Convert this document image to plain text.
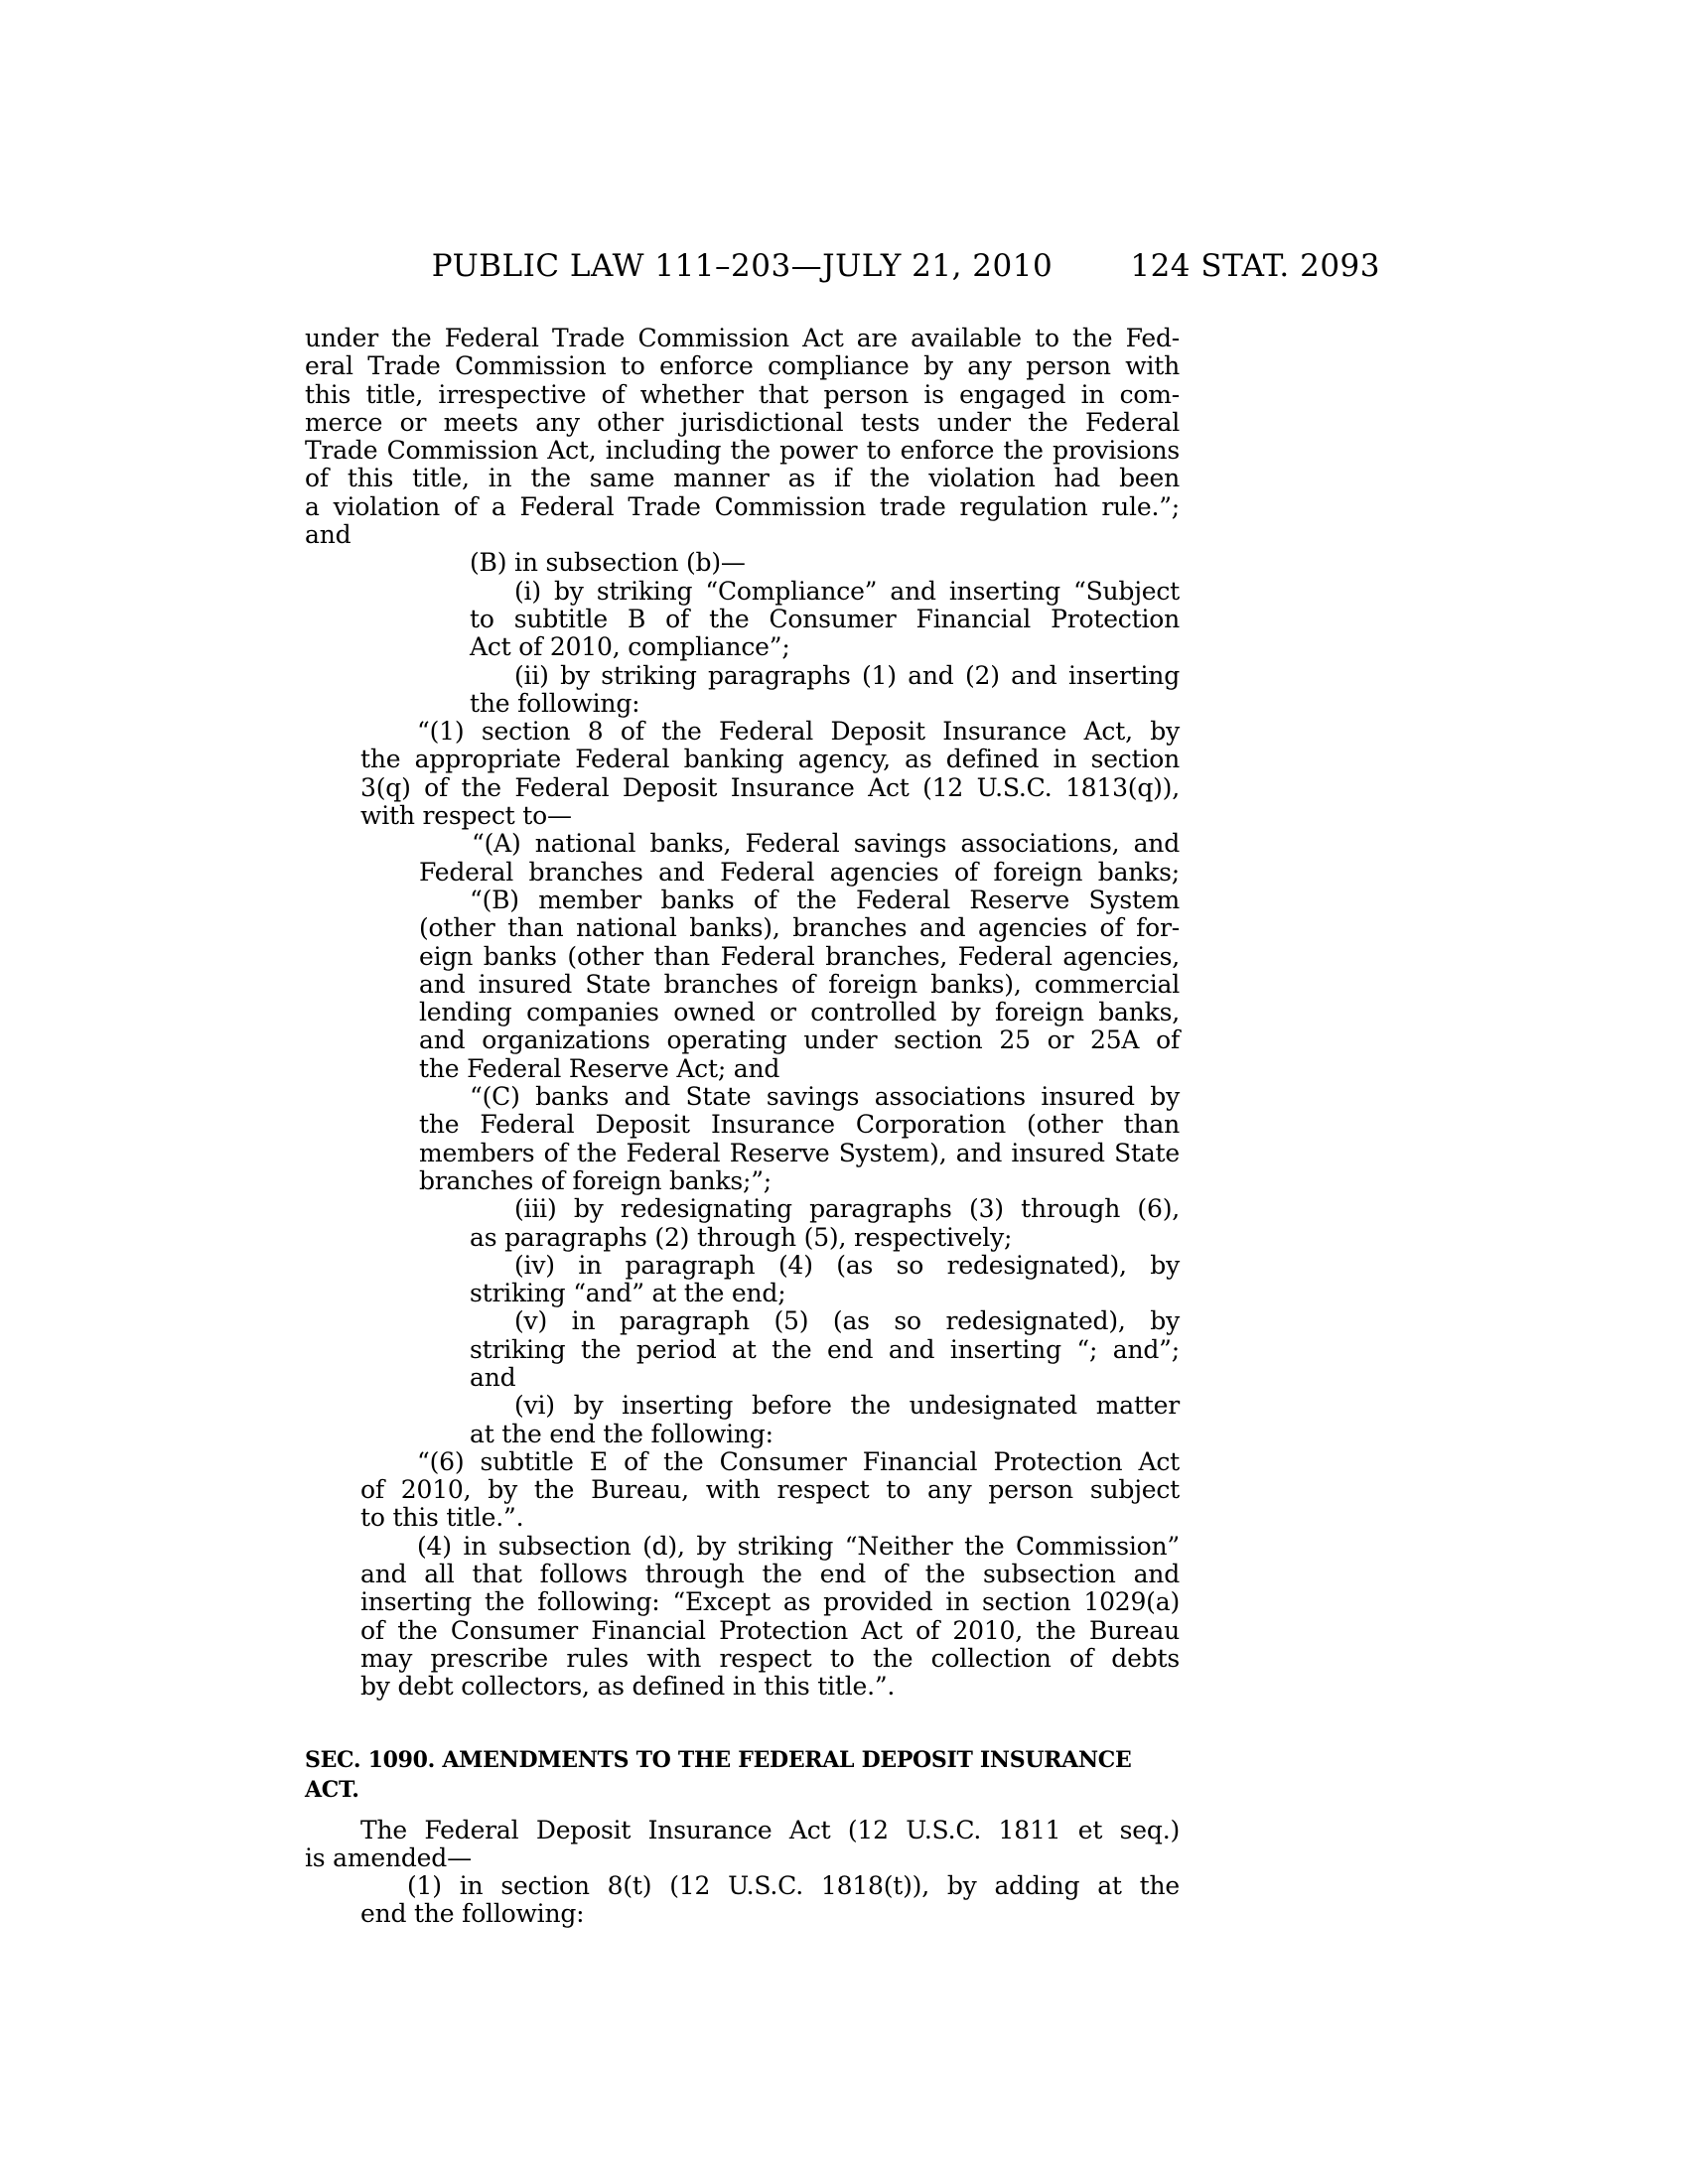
PUBLIC LAW 111–203—JULY 21, 2010	124 STAT. 2093
under the Federal Trade Commission Act are available to the Fed-
eral Trade Commission to enforce compliance by any person with
this title, irrespective of whether that person is engaged in com-
merce or meets any other jurisdictional tests under the Federal
Trade Commission Act, including the power to enforce the provisions
of this title, in the same manner as if the violation had been
a violation of a Federal Trade Commission trade regulation rule.”;
and
(B) in subsection (b)—
(i) by striking “Compliance” and inserting “Subject
to subtitle B of the Consumer Financial Protection
Act of 2010, compliance”;
(ii) by striking paragraphs (1) and (2) and inserting
the following:
“(1) section 8 of the Federal Deposit Insurance Act, by
the appropriate Federal banking agency, as defined in section
3(q) of the Federal Deposit Insurance Act (12 U.S.C. 1813(q)),
with respect to—
“(A) national banks, Federal savings associations, and
Federal branches and Federal agencies of foreign banks;
“(B) member banks of the Federal Reserve System
(other than national banks), branches and agencies of for-
eign banks (other than Federal branches, Federal agencies,
and insured State branches of foreign banks), commercial
lending companies owned or controlled by foreign banks,
and organizations operating under section 25 or 25A of
the Federal Reserve Act; and
“(C) banks and State savings associations insured by
the Federal Deposit Insurance Corporation (other than
members of the Federal Reserve System), and insured State
branches of foreign banks;”;
(iii) by redesignating paragraphs (3) through (6),
as paragraphs (2) through (5), respectively;
(iv) in paragraph (4) (as so redesignated), by
striking “and” at the end;
(v) in paragraph (5) (as so redesignated), by
striking the period at the end and inserting “; and”;
and
(vi) by inserting before the undesignated matter
at the end the following:
“(6) subtitle E of the Consumer Financial Protection Act
of 2010, by the Bureau, with respect to any person subject
to this title.”.
(4) in subsection (d), by striking “Neither the Commission”
and all that follows through the end of the subsection and
inserting the following: “Except as provided in section 1029(a)
of the Consumer Financial Protection Act of 2010, the Bureau
may prescribe rules with respect to the collection of debts
by debt collectors, as defined in this title.”.
SEC. 1090. AMENDMENTS TO THE FEDERAL DEPOSIT INSURANCE ACT.
The Federal Deposit Insurance Act (12 U.S.C. 1811 et seq.)
is amended—
(1) in section 8(t) (12 U.S.C. 1818(t)), by adding at the
end the following:
